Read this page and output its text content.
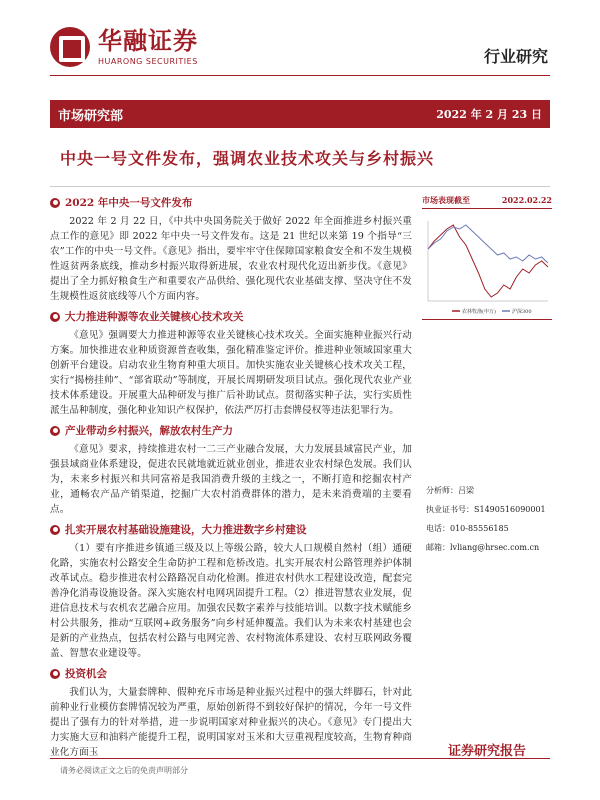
华融证券
HUARONG SECURITIES	行业研究
市场研究部	2022 年 2 月 23 日
中央一号文件发布，强调农业技术攻关与乡村振兴
2022 年中央一号文件发布

2022 年 2 月 22 日，《中共中央国务院关于做好 2022 年全面推进乡村振兴重点工作的意见》即 2022 年中央一号文件发布。这是 21 世纪以来第 19 个指导“三农”工作的中央一号文件。《意见》指出，要牢牢守住保障国家粮食安全和不发生规模性返贫两条底线，推动乡村振兴取得新进展，农业农村现代化迈出新步伐。《意见》提出了全力抓好粮食生产和重要农产品供给、强化现代农业基础支撑、坚决守住不发生规模性返贫底线等八个方面内容。

大力推进种源等农业关键核心技术攻关

《意见》强调要大力推进种源等农业关键核心技术攻关。全面实施种业振兴行动方案。加快推进农业种质资源普查收集，强化精准鉴定评价。推进种业领域国家重大创新平台建设。启动农业生物育种重大项目。加快实施农业关键核心技术攻关工程，实行“揭榜挂帅”、“部省联动”等制度，开展长周期研发项目试点。强化现代农业产业技术体系建设。开展重大品种研发与推广后补助试点。贯彻落实种子法，实行实质性派生品种制度，强化种业知识产权保护，依法严厉打击套牌侵权等违法犯罪行为。

产业带动乡村振兴，解放农村生产力

《意见》要求，持续推进农村一二三产业融合发展，大力发展县域富民产业，加强县域商业体系建设，促进农民就地就近就业创业，推进农业农村绿色发展。我们认为，未来乡村振兴和共同富裕是我国消费升级的主线之一，不断打造和挖掘农村产业，通畅农产品产销渠道，挖掘广大农村消费群体的潜力，是未来消费端的主要看点。

扎实开展农村基础设施建设，大力推进数字乡村建设

（1）要有序推进乡镇通三级及以上等级公路，较大人口规模自然村（组）通硬化路，实施农村公路安全生命防护工程和危桥改造。扎实开展农村公路管理养护体制改革试点。稳步推进农村公路路况自动化检测。推进农村供水工程建设改造，配套完善净化消毒设施设备。深入实施农村电网巩固提升工程。（2）推进智慧农业发展，促进信息技术与农机农艺融合应用。加强农民数字素养与技能培训。以数字技术赋能乡村公共服务，推动“互联网+政务服务”向乡村延伸覆盖。我们认为未来农村基建也会是新的产业热点，包括农村公路与电网完善、农村物流体系建设、农村互联网政务覆盖、智慧农业建设等。

投资机会

我们认为，大量套牌种、假种充斥市场是种业振兴过程中的强大绊脚石，针对此前种业行业模仿套牌情况较为严重，原始创新得不到较好保护的情况，今年一号文件提出了强有力的针对举措，进一步说明国家对种业振兴的决心。《意见》专门提出大力实施大豆和油料产能提升工程，说明国家对玉米和大豆重视程度较高，生物育种商业化方面玉

市场表现截至	2022.02.22
农林牧渔(申万)	沪深300
分析师：吕梁
执业证书号：S1490516090001
电话：010-85556185
邮箱：lvliang@hrsec.com.cn
证券研究报告
请务必阅读正文之后的免责声明部分
